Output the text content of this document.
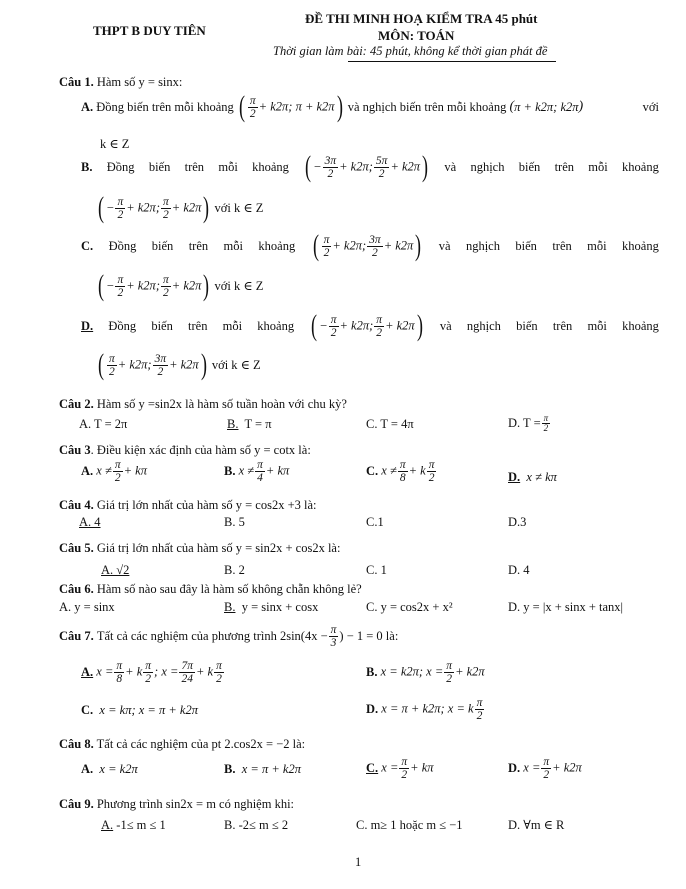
THPT B DUY TIÊN
ĐỀ THI MINH HOẠ KIỂM TRA 45 phút
MÔN: TOÁN
Thời gian làm bài: 45 phút, không kể thời gian phát đề
Câu 1. Hàm số y = sinx:
A.
Đồng biến trên mỗi khoảng
( $\frac{\pi}{2} + k2\pi$; π + k2π )
và nghịch biến trên mỗi khoảng
( π + k2π; k2π )	với
k ∈ Z
B. Đồng biến trên mỗi khoảng ( − $\frac{3\pi}{2} + k2\pi$; $\frac{5\pi}{2} + k2\pi$ ) và nghịch biến trên mỗi khoảng
( − $\frac{\pi}{2} + k2\pi$; $\frac{\pi}{2} + k2\pi$ )
với k ∈ Z
C. Đồng biến trên mỗi khoảng ( $\frac{\pi}{2} + k2\pi$; $\frac{3\pi}{2} + k2\pi$ ) và nghịch biến trên mỗi khoảng
( − $\frac{\pi}{2} + k2\pi$; $\frac{\pi}{2} + k2\pi$ )
với k ∈ Z
D. Đồng biến trên mỗi khoảng ( − $\frac{\pi}{2} + k2\pi$; $\frac{\pi}{2} + k2\pi$ ) và nghịch biến trên mỗi khoảng
( $\frac{\pi}{2} + k2\pi$; $\frac{3\pi}{2} + k2\pi$ )
với k ∈ Z
Câu 2. Hàm số y =sin2x là hàm số tuần hoàn với chu kỳ?
A. T = 2π	B. T = π	C. T = 4π	D. $T = \frac{\pi}{2}$
Câu 3. Điều kiện xác định của hàm số y = cotx là:
A.
$x \ne \frac{\pi}{2} + k\pi$	B.
$x \ne \frac{\pi}{4} + k\pi$	C.
$x \ne \frac{\pi}{8} + k \frac{\pi}{2}$	D. x ≠ kπ
Câu 4. Giá trị lớn nhất của hàm số y = cos2x +3 là:
A. 4	B. 5	C.1	D.3
Câu 5. Giá trị lớn nhất của hàm số y = sin2x + cos2x là:
A. √2	B. 2	C. 1	D. 4
Câu 6. Hàm số nào sau đây là hàm số không chẵn không lẻ?
A. y = sinx	B. y = sinx + cosx	C. y = cos2x + x²	D. y = |x + sinx + tanx|
Câu 7.
Tất cả các nghiệm của phương trình $2\sin(4x - \frac{\pi}{3}$ ) − 1 = 0 là:
A.
$x = \frac{\pi}{8} + k \frac{\pi}{2}$ ; $x = \frac{7\pi}{24} + k \frac{\pi}{2}$	B.
x = k2π; $x = \frac{\pi}{2} + k2\pi$
C. x = kπ; x = π + k2π	D.
x = π + k2π; x = k $\frac{\pi}{2}$
Câu 8. Tất cả các nghiệm của pt 2.cos2x = −2 là:
A. x = k2π	B. x = π + k2π	C.
$x = \frac{\pi}{2} + k\pi$	D.
$x = \frac{\pi}{2} + k2\pi$
Câu 9. Phương trình sin2x = m có nghiệm khi:
A. -1≤ m ≤ 1	B. -2≤ m ≤ 2	C. m≥ 1 hoặc m ≤ −1	D. ∀m ∈ R
1
